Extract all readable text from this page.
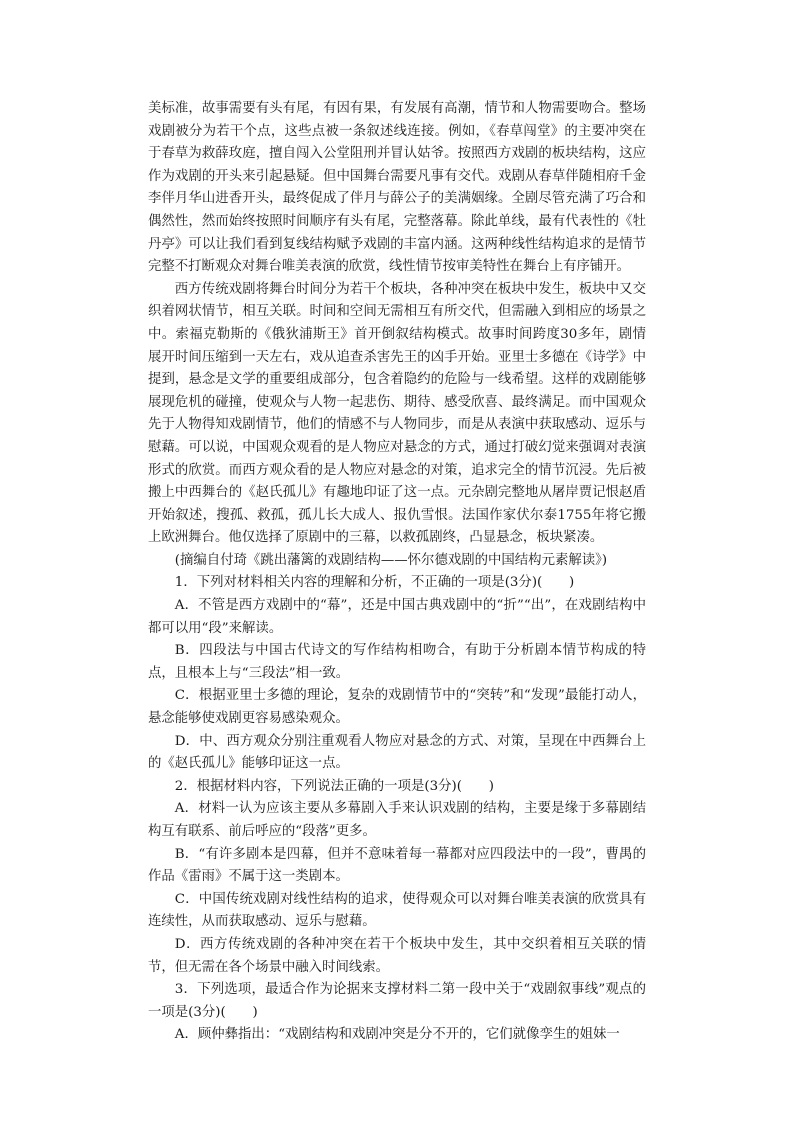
美标准，故事需要有头有尾，有因有果，有发展有高潮，情节和人物需要吻合。整场戏剧被分为若干个点，这些点被一条叙述线连接。例如，《春草闯堂》的主要冲突在于春草为救薛玫庭，擅自闯入公堂阻刑并冒认姑爷。按照西方戏剧的板块结构，这应作为戏剧的开头来引起悬疑。但中国舞台需要凡事有交代。戏剧从春草伴随相府千金李伴月华山进香开头，最终促成了伴月与薛公子的美满姻缘。全剧尽管充满了巧合和偶然性，然而始终按照时间顺序有头有尾，完整落幕。除此单线，最有代表性的《牡丹亭》可以让我们看到复线结构赋予戏剧的丰富内涵。这两种线性结构追求的是情节完整不打断观众对舞台唯美表演的欣赏，线性情节按审美特性在舞台上有序铺开。

西方传统戏剧将舞台时间分为若干个板块，各种冲突在板块中发生，板块中又交织着网状情节，相互关联。时间和空间无需相互有所交代，但需融入到相应的场景之中。索福克勒斯的《俄狄浦斯王》首开倒叙结构模式。故事时间跨度30多年，剧情展开时间压缩到一天左右，戏从追查杀害先王的凶手开始。亚里士多德在《诗学》中提到，悬念是文学的重要组成部分，包含着隐约的危险与一线希望。这样的戏剧能够展现危机的碰撞，使观众与人物一起悲伤、期待、感受欣喜、最终满足。而中国观众先于人物得知戏剧情节，他们的情感不与人物同步，而是从表演中获取感动、逗乐与慰藉。可以说，中国观众观看的是人物应对悬念的方式，通过打破幻觉来强调对表演形式的欣赏。而西方观众看的是人物应对悬念的对策，追求完全的情节沉浸。先后被搬上中西舞台的《赵氏孤儿》有趣地印证了这一点。元杂剧完整地从屠岸贾记恨赵盾开始叙述，搜孤、救孤，孤儿长大成人、报仇雪恨。法国作家伏尔泰1755年将它搬上欧洲舞台。他仅选择了原剧中的三幕，以救孤剧终，凸显悬念，板块紧凑。

(摘编自付琦《跳出藩篱的戏剧结构——怀尔德戏剧的中国结构元素解读》)

1．下列对材料相关内容的理解和分析，不正确的一项是(3分)(　　)

A．不管是西方戏剧中的“幕”，还是中国古典戏剧中的“折”“出”，在戏剧结构中都可以用“段”来解读。

B．四段法与中国古代诗文的写作结构相吻合，有助于分析剧本情节构成的特点，且根本上与“三段法”相一致。

C．根据亚里士多德的理论，复杂的戏剧情节中的“突转”和“发现”最能打动人，悬念能够使戏剧更容易感染观众。

D．中、西方观众分别注重观看人物应对悬念的方式、对策，呈现在中西舞台上的《赵氏孤儿》能够印证这一点。

2．根据材料内容，下列说法正确的一项是(3分)(　　)

A．材料一认为应该主要从多幕剧入手来认识戏剧的结构，主要是缘于多幕剧结构互有联系、前后呼应的“段落”更多。

B．“有许多剧本是四幕，但并不意味着每一幕都对应四段法中的一段”，曹禺的作品《雷雨》不属于这一类剧本。

C．中国传统戏剧对线性结构的追求，使得观众可以对舞台唯美表演的欣赏具有连续性，从而获取感动、逗乐与慰藉。

D．西方传统戏剧的各种冲突在若干个板块中发生，其中交织着相互关联的情节，但无需在各个场景中融入时间线索。

3．下列选项，最适合作为论据来支撑材料二第一段中关于“戏剧叙事线”观点的一项是(3分)(　　)

A．顾仲彝指出：“戏剧结构和戏剧冲突是分不开的，它们就像孪生的姐妹一
